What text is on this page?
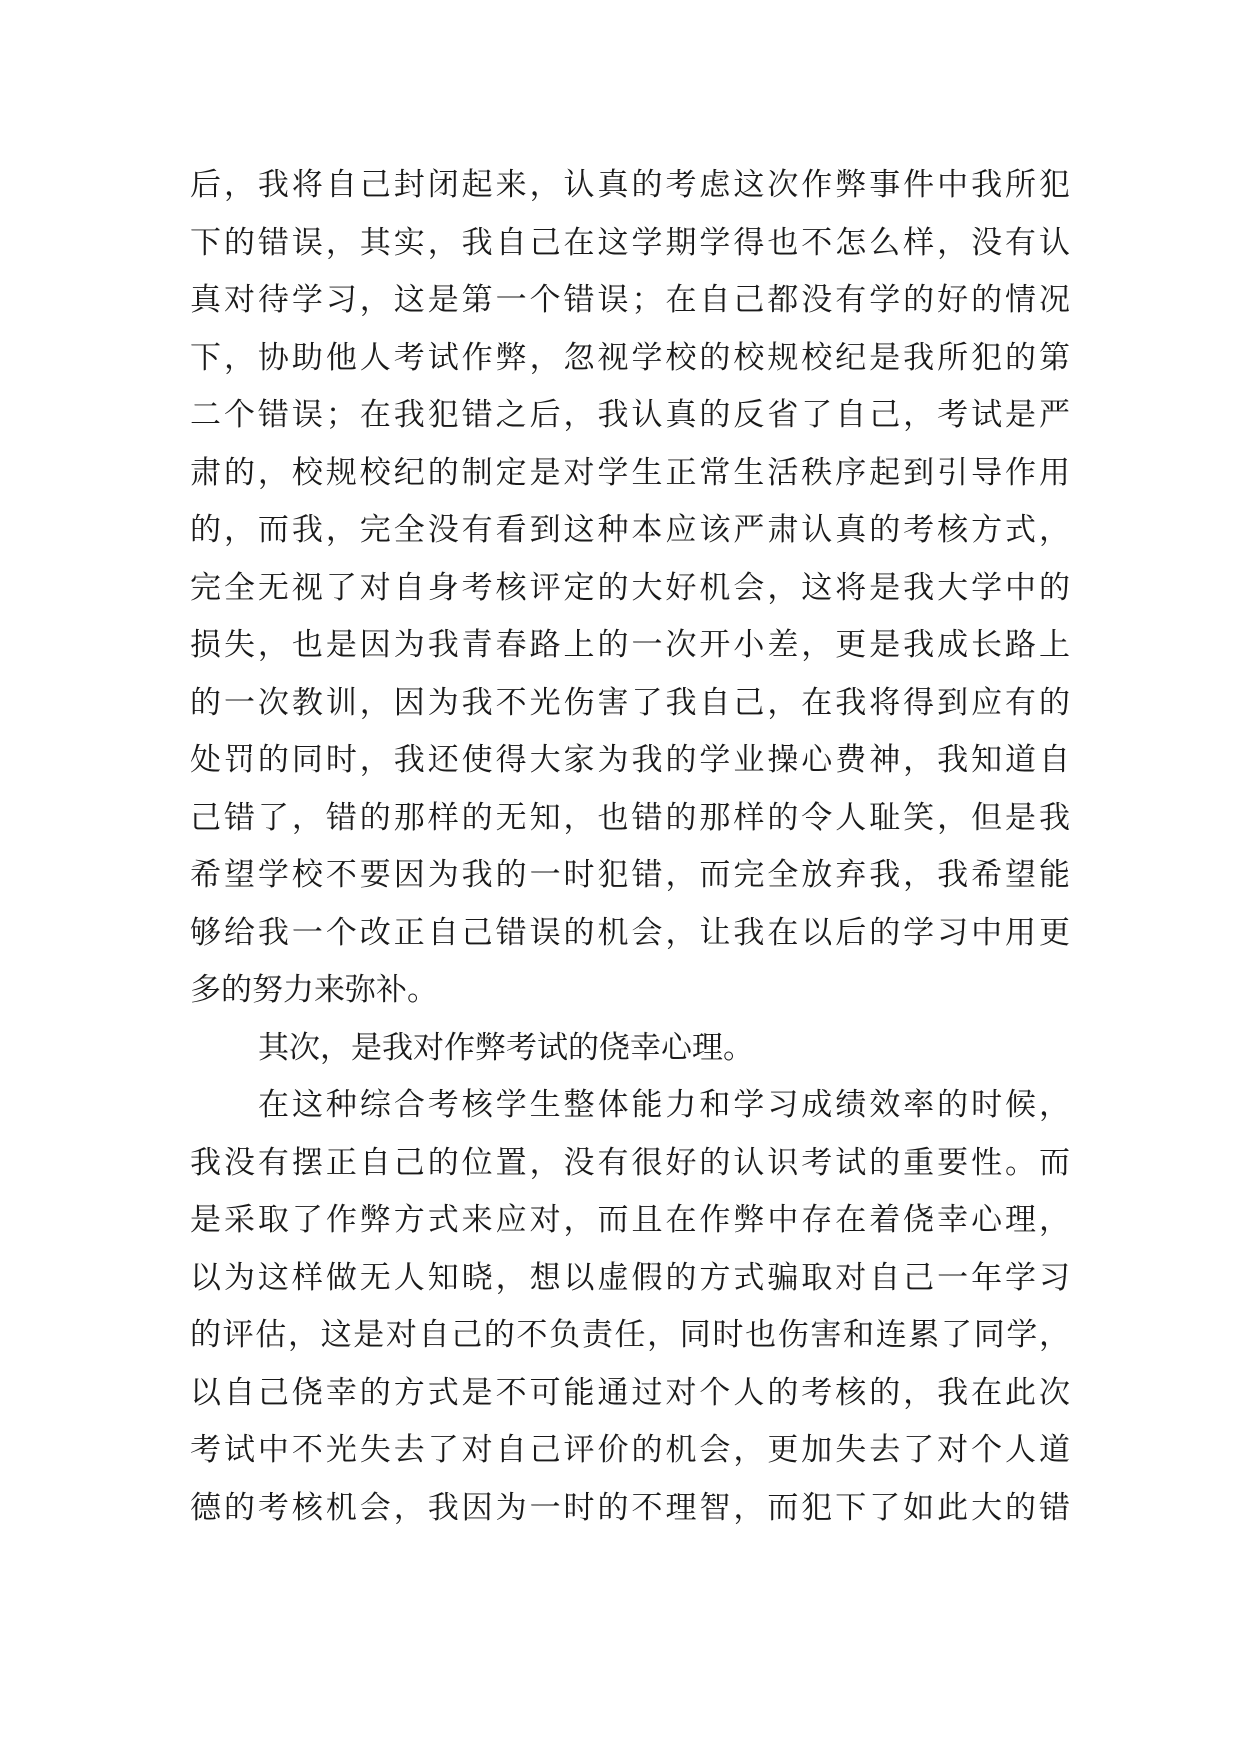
后，我将自己封闭起来，认真的考虑这次作弊事件中我所犯
下的错误，其实，我自己在这学期学得也不怎么样，没有认
真对待学习，这是第一个错误；在自己都没有学的好的情况
下，协助他人考试作弊，忽视学校的校规校纪是我所犯的第
二个错误；在我犯错之后，我认真的反省了自己，考试是严
肃的，校规校纪的制定是对学生正常生活秩序起到引导作用
的，而我，完全没有看到这种本应该严肃认真的考核方式，
完全无视了对自身考核评定的大好机会，这将是我大学中的
损失，也是因为我青春路上的一次开小差，更是我成长路上
的一次教训，因为我不光伤害了我自己，在我将得到应有的
处罚的同时，我还使得大家为我的学业操心费神，我知道自
己错了，错的那样的无知，也错的那样的令人耻笑，但是我
希望学校不要因为我的一时犯错，而完全放弃我，我希望能
够给我一个改正自己错误的机会，让我在以后的学习中用更
多的努力来弥补。
其次，是我对作弊考试的侥幸心理。
在这种综合考核学生整体能力和学习成绩效率的时候，
我没有摆正自己的位置，没有很好的认识考试的重要性。而
是采取了作弊方式来应对，而且在作弊中存在着侥幸心理，
以为这样做无人知晓，想以虚假的方式骗取对自己一年学习
的评估，这是对自己的不负责任，同时也伤害和连累了同学，
以自己侥幸的方式是不可能通过对个人的考核的，我在此次
考试中不光失去了对自己评价的机会，更加失去了对个人道
德的考核机会，我因为一时的不理智，而犯下了如此大的错
